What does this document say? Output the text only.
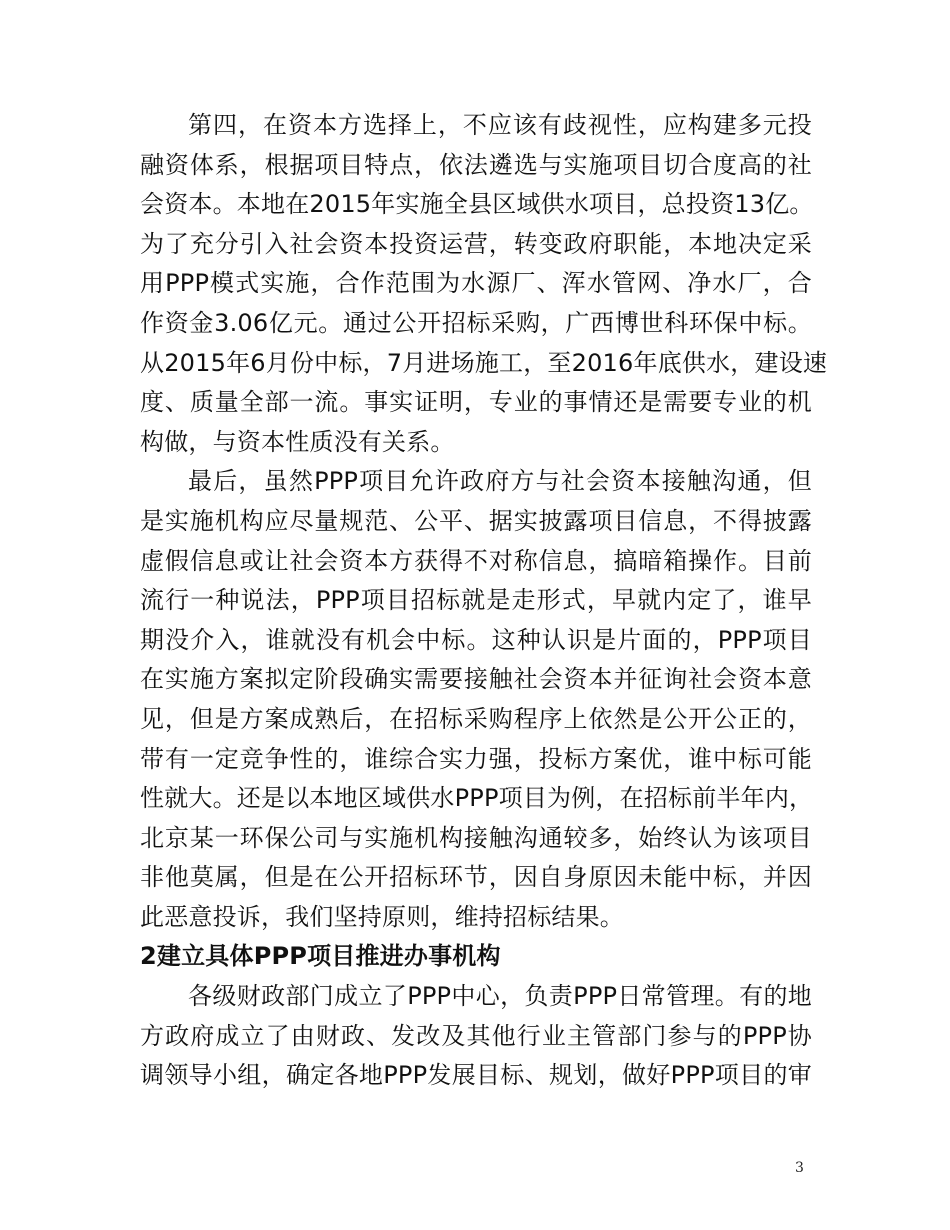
第四，在资本方选择上，不应该有歧视性，应构建多元投
融资体系，根据项目特点，依法遴选与实施项目切合度高的社
会资本。本地在2015年实施全县区域供水项目，总投资13亿。
为了充分引入社会资本投资运营，转变政府职能，本地决定采
用PPP模式实施，合作范围为水源厂、浑水管网、净水厂，合
作资金3.06亿元。通过公开招标采购，广西博世科环保中标。
从2015年6月份中标，7月进场施工，至2016年底供水，建设速
度、质量全部一流。事实证明，专业的事情还是需要专业的机
构做，与资本性质没有关系。
最后，虽然PPP项目允许政府方与社会资本接触沟通，但
是实施机构应尽量规范、公平、据实披露项目信息，不得披露
虚假信息或让社会资本方获得不对称信息，搞暗箱操作。目前
流行一种说法，PPP项目招标就是走形式，早就内定了，谁早
期没介入，谁就没有机会中标。这种认识是片面的，PPP项目
在实施方案拟定阶段确实需要接触社会资本并征询社会资本意
见，但是方案成熟后，在招标采购程序上依然是公开公正的，
带有一定竞争性的，谁综合实力强，投标方案优，谁中标可能
性就大。还是以本地区域供水PPP项目为例，在招标前半年内，
北京某一环保公司与实施机构接触沟通较多，始终认为该项目
非他莫属，但是在公开招标环节，因自身原因未能中标，并因
此恶意投诉，我们坚持原则，维持招标结果。
2建立具体PPP项目推进办事机构
各级财政部门成立了PPP中心，负责PPP日常管理。有的地
方政府成立了由财政、发改及其他行业主管部门参与的PPP协
调领导小组，确定各地PPP发展目标、规划，做好PPP项目的审
3
